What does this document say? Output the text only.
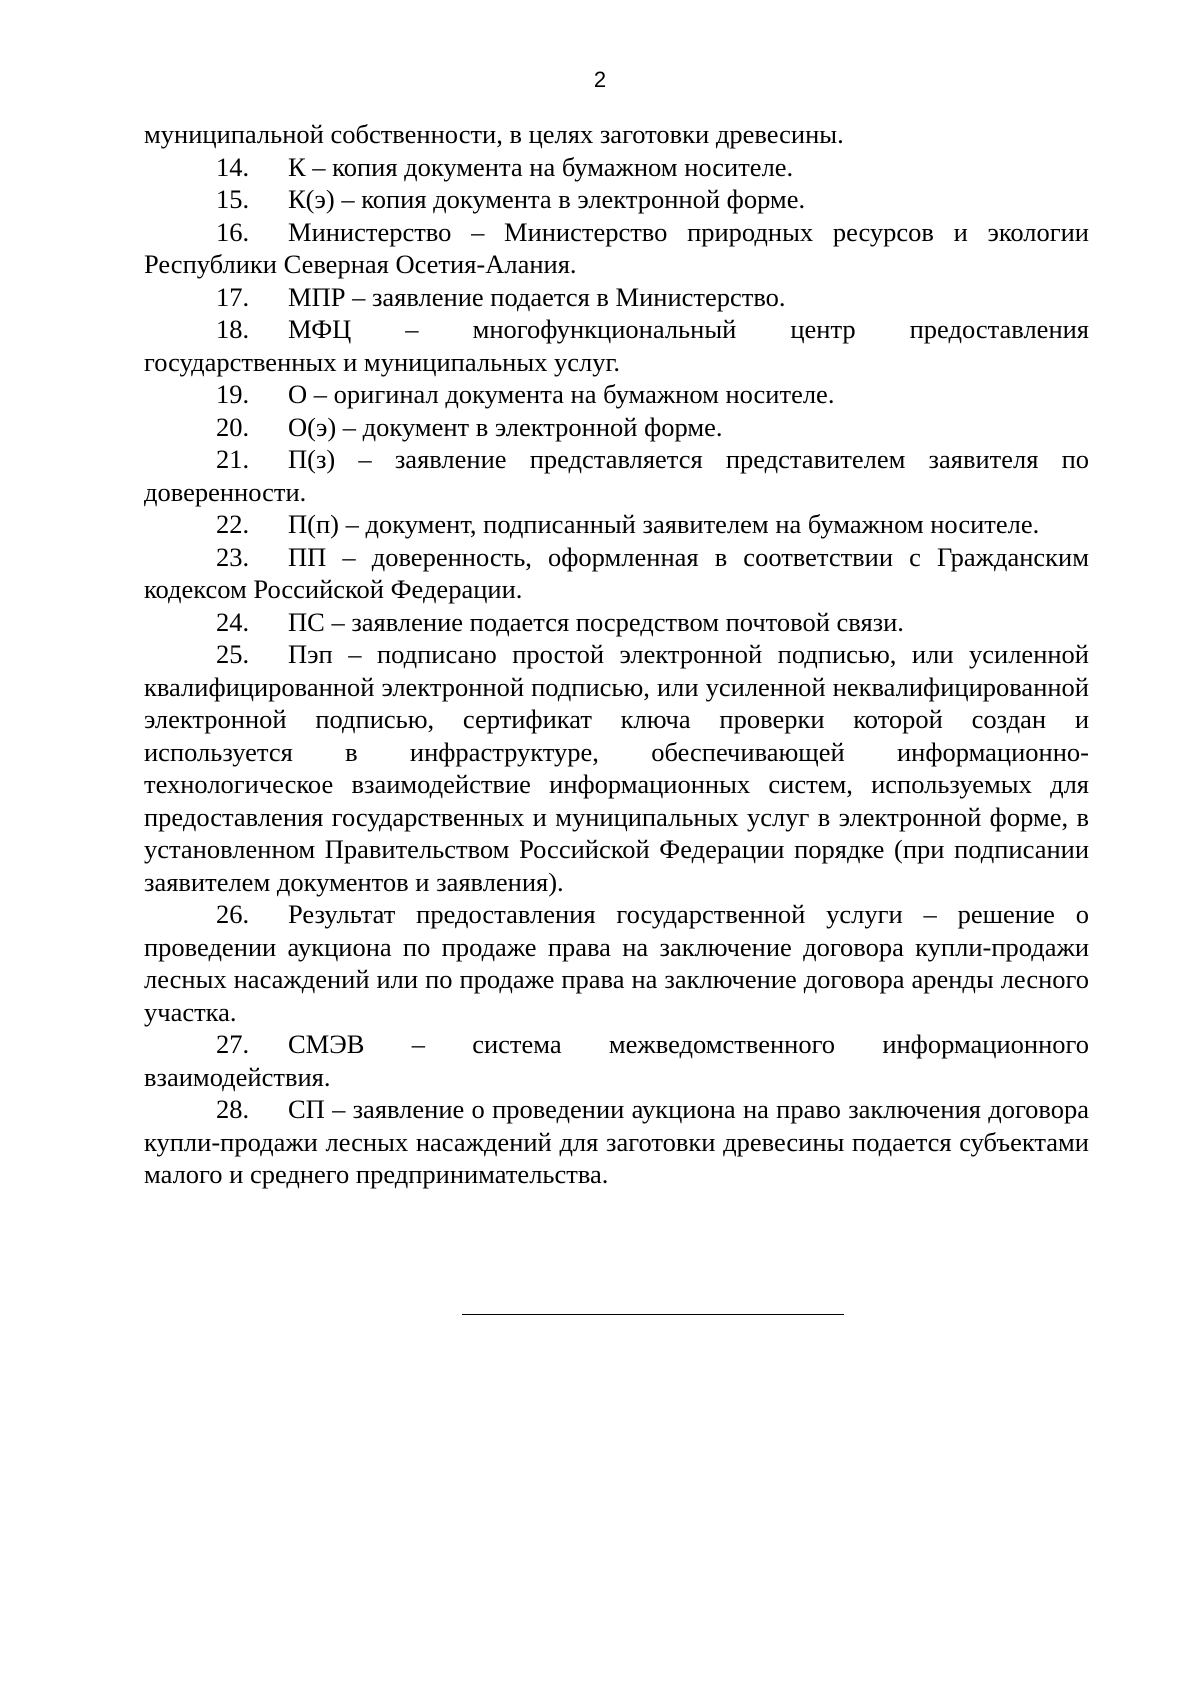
2

муниципальной собственности, в целях заготовки древесины.

14. К – копия документа на бумажном носителе.

15. К(э) – копия документа в электронной форме.

16. Министерство – Министерство природных ресурсов и экологии Республики Северная Осетия-Алания.

17. МПР – заявление подается в Министерство.

18. МФЦ – многофункциональный центр предоставления государственных и муниципальных услуг.

19. О – оригинал документа на бумажном носителе.

20. О(э) – документ в электронной форме.

21. П(з) – заявление представляется представителем заявителя по доверенности.

22. П(п) – документ, подписанный заявителем на бумажном носителе.

23. ПП – доверенность, оформленная в соответствии с Гражданским кодексом Российской Федерации.

24. ПС – заявление подается посредством почтовой связи.

25. Пэп – подписано простой электронной подписью, или усиленной квалифицированной электронной подписью, или усиленной неквалифицированной электронной подписью, сертификат ключа проверки которой создан и используется в инфраструктуре, обеспечивающей информационно-технологическое взаимодействие информационных систем, используемых для предоставления государственных и муниципальных услуг в электронной форме, в установленном Правительством Российской Федерации порядке (при подписании заявителем документов и заявления).

26. Результат предоставления государственной услуги – решение о проведении аукциона по продаже права на заключение договора купли-продажи лесных насаждений или по продаже права на заключение договора аренды лесного участка.

27. СМЭВ – система межведомственного информационного взаимодействия.

28. СП – заявление о проведении аукциона на право заключения договора купли-продажи лесных насаждений для заготовки древесины подается субъектами малого и среднего предпринимательства.
